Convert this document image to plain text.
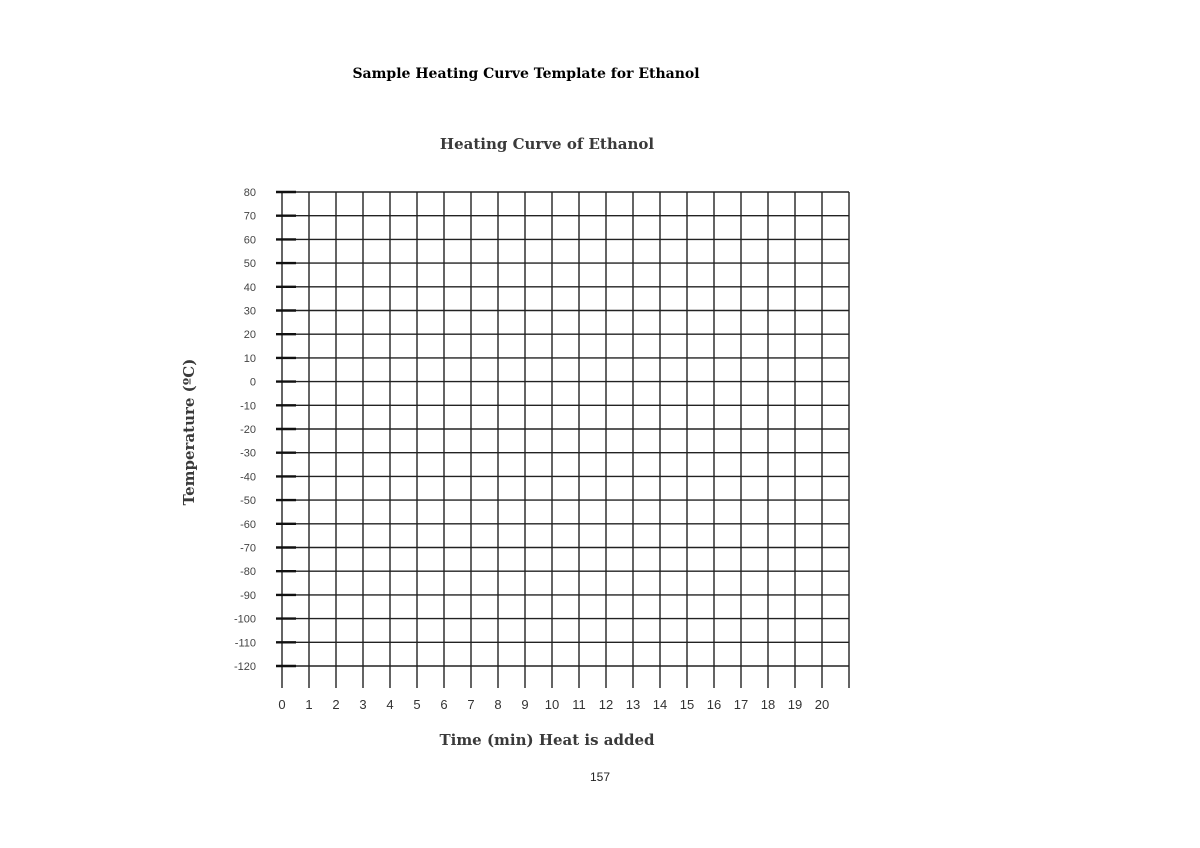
Sample Heating Curve Template for Ethanol
Heating Curve of Ethanol
80
70
60
50
40
30
20
10
0
-10
-20
-30
-40
-50
-60
-70
-80
-90
-100
-110
-120
0 1 2 3 4 5 6 7 8 9 10 11 12 13 14 15 16 17 18 19 20
Time (min) Heat is added
Temperature (ºC)
157
